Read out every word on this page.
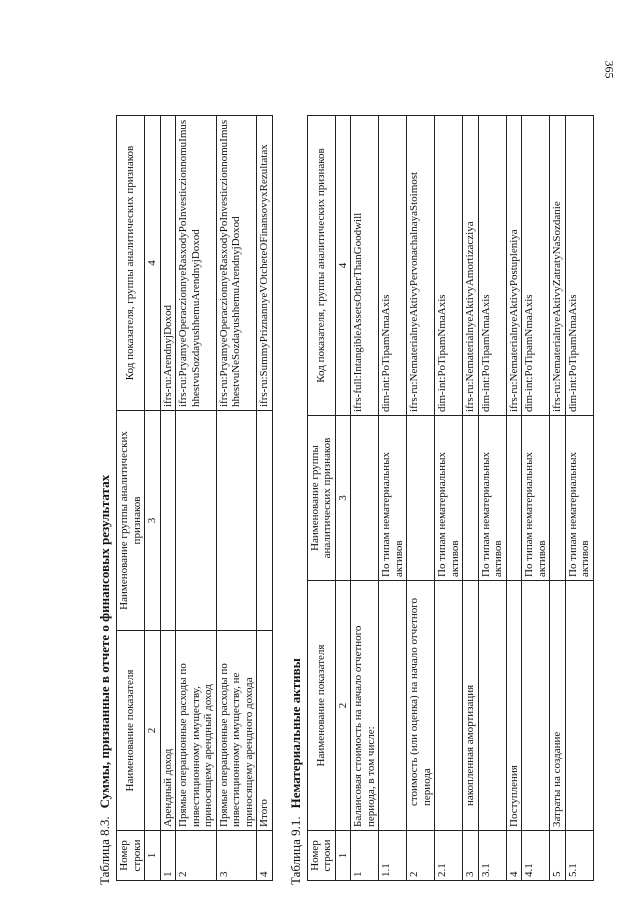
365
Таблица 8.3.Суммы, признанные в отчете о финансовых результатах
Номер строки	Наименование показателя	Наименование группы аналитических признаков	Код показателя, группы аналитических признаков
1	2	3	4
1	Арендный доход		ifrs-ru:ArendnyjDoxod
2	Прямые операционные расходы по инвестиционному имуществу, приносящему арендный доход		ifrs-ru:PryamyeOperaczionnyeRasxodyPoInvesticzionnomuImushhestvuSozdayushhemuArendnyjDoxod
3	Прямые операционные расходы по инвестиционному имуществу, не приносящему арендного дохода		ifrs-ru:PryamyeOperaczionnyeRasxodyPoInvesticzionnomuImushhestvuNeSozdayushhemuArendnyjDoxod
4	Итого		ifrs-ru:SummyPriznannyeVOtcheteOFinansovyxRezultatax
Таблица 9.1.Нематериальные активы
Номер строки	Наименование показателя	Наименование группы аналитических признаков	Код показателя, группы аналитических признаков
1	2	3	4
1	Балансовая стоимость на начало отчетного периода, в том числе:		ifrs-full:IntangibleAssetsOtherThanGoodwill
1.1		По типам нематериальных активов	dim-int:PoTipamNmaAxis
2	стоимость (или оценка) на начало отчетного периода		ifrs-ru:NematerialnyeAktivyPervonachalnayaStoimost
2.1		По типам нематериальных активов	dim-int:PoTipamNmaAxis
3	накопленная амортизация		ifrs-ru:NematerialnyeAktivyAmortizacziya
3.1		По типам нематериальных активов	dim-int:PoTipamNmaAxis
4	Поступления		ifrs-ru:NematerialnyeAktivyPostupleniya
4.1		По типам нематериальных активов	dim-int:PoTipamNmaAxis
5	Затраты на создание		ifrs-ru:NematerialnyeAktivyZatratyNaSozdanie
5.1		По типам нематериальных активов	dim-int:PoTipamNmaAxis
